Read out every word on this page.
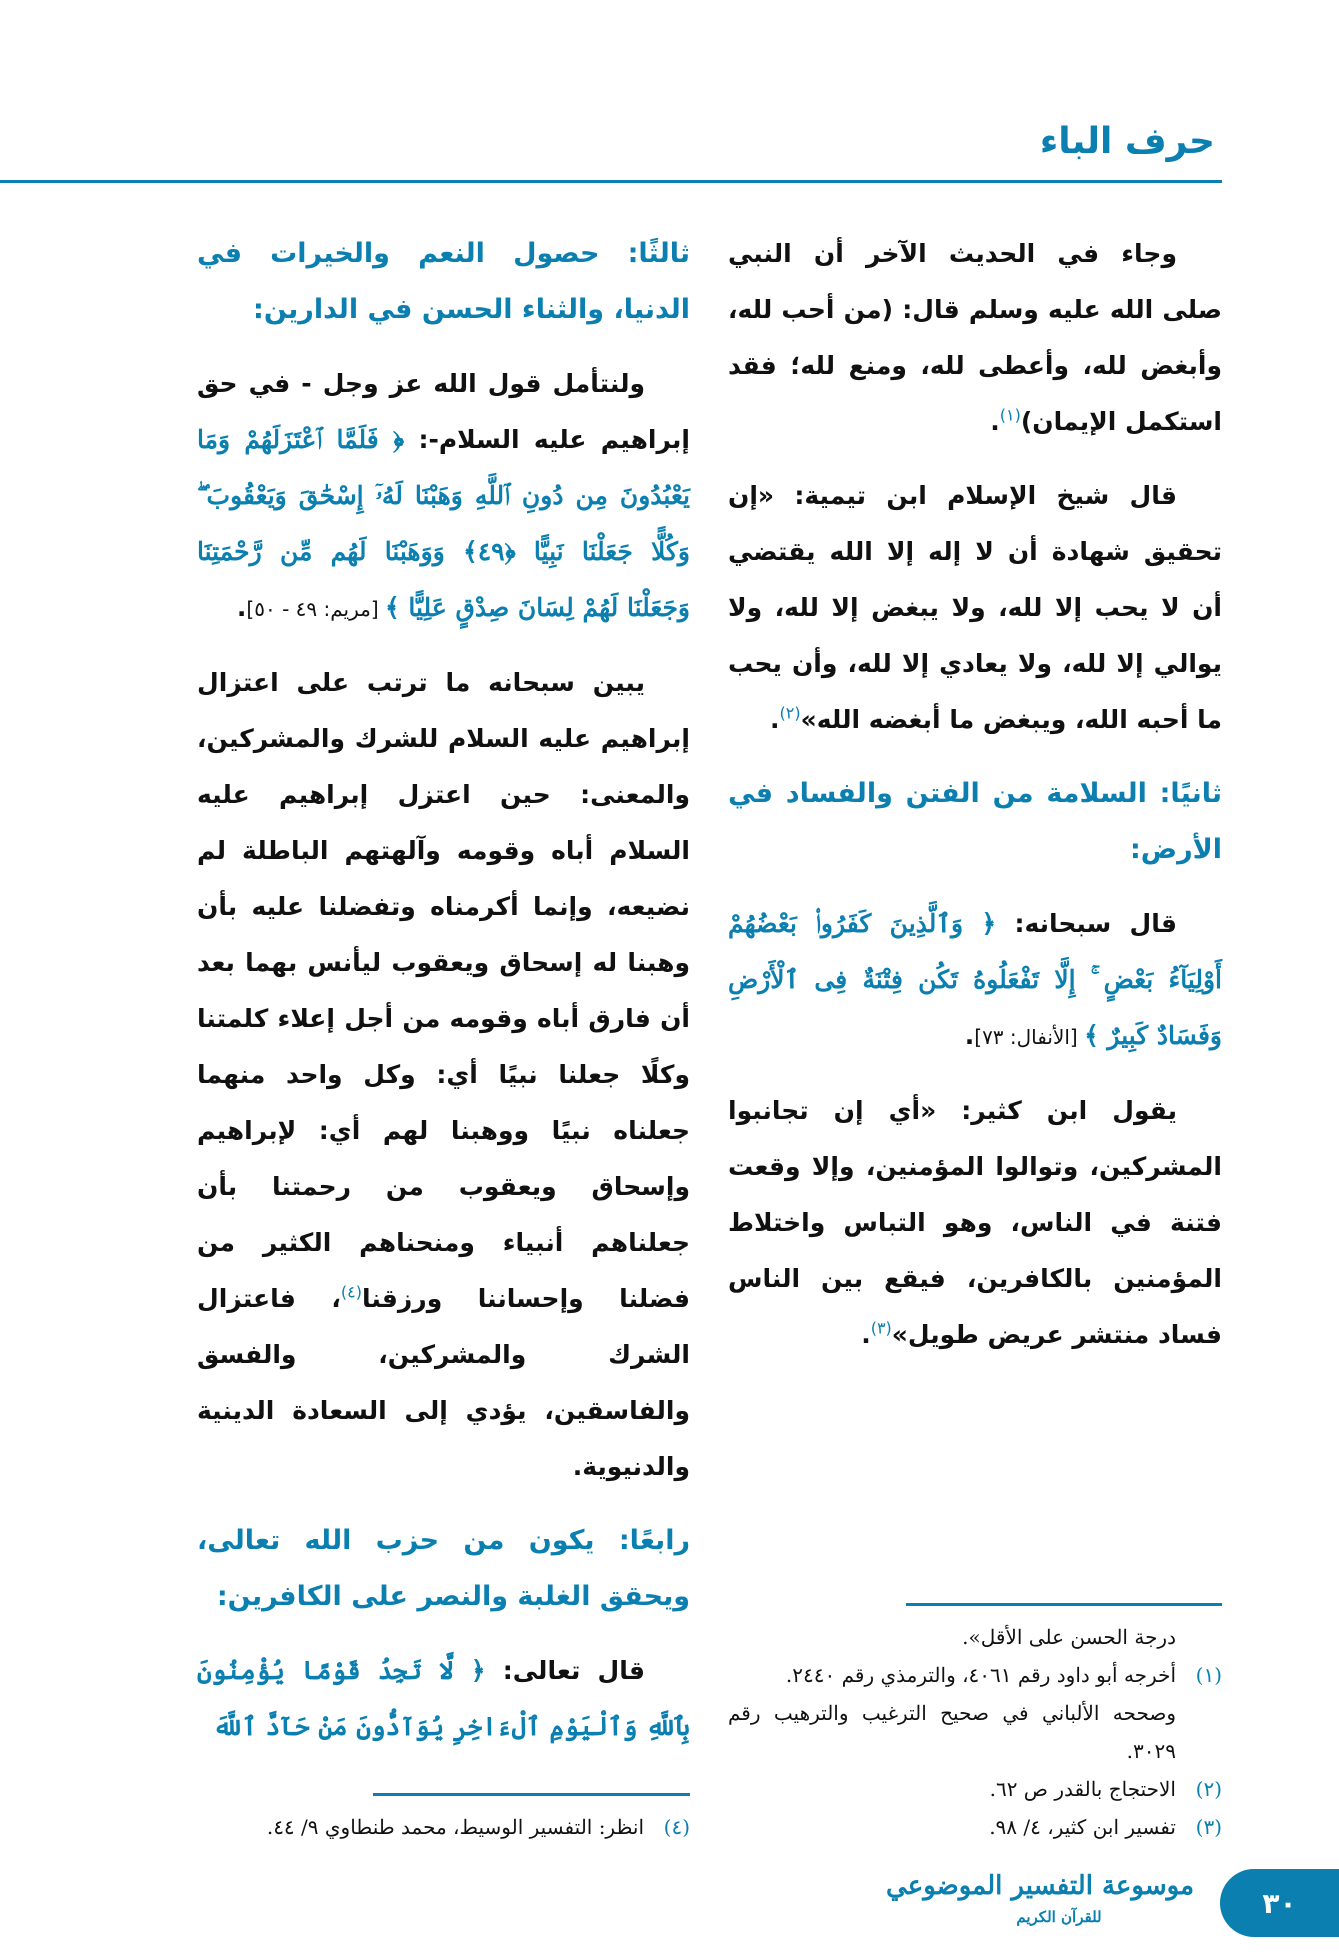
حرف الباء
ثالثًا: حصول النعم والخيرات في الدنيا، والثناء الحسن في الدارين:

ولنتأمل قول الله عز وجل - في حق إبراهيم عليه السلام-: ﴿ فَلَمَّا ٱعْتَزَلَهُمْ وَمَا يَعْبُدُونَ مِن دُونِ ٱللَّهِ وَهَبْنَا لَهُۥٓ إِسْحَٰقَ وَيَعْقُوبَ ۖ وَكُلًّا جَعَلْنَا نَبِيًّا ﴿٤٩﴾ وَوَهَبْنَا لَهُم مِّن رَّحْمَتِنَا وَجَعَلْنَا لَهُمْ لِسَانَ صِدْقٍ عَلِيًّا ﴾ [مريم: ٤٩ - ٥٠].

يبين سبحانه ما ترتب على اعتزال إبراهيم عليه السلام للشرك والمشركين، والمعنى: حين اعتزل إبراهيم عليه السلام أباه وقومه وآلهتهم الباطلة لم نضيعه، وإنما أكرمناه وتفضلنا عليه بأن وهبنا له إسحاق ويعقوب ليأنس بهما بعد أن فارق أباه وقومه من أجل إعلاء كلمتنا وكلًا جعلنا نبيًا أي: وكل واحد منهما جعلناه نبيًا ووهبنا لهم أي: لإبراهيم وإسحاق ويعقوب من رحمتنا بأن جعلناهم أنبياء ومنحناهم الكثير من فضلنا وإحساننا ورزقنا$^{(٤)}$، فاعتزال الشرك والمشركين، والفسق والفاسقين، يؤدي إلى السعادة الدينية والدنيوية.

رابعًا: يكون من حزب الله تعالى، ويحقق الغلبة والنصر على الكافرين:

قال تعالى: ﴿ لَّا تَجِدُ قَوْمًا يُؤْمِنُونَ بِٱللَّهِ وَٱلْيَوْمِ ٱلْءَاخِرِ يُوَآدُّونَ مَنْ حَآدَّ ٱللَّهَ

(٤)
انظر: التفسير الوسيط، محمد طنطاوي ٩/ ٤٤.

وجاء في الحديث الآخر أن النبي صلى الله عليه وسلم قال: (من أحب لله، وأبغض لله، وأعطى لله، ومنع لله؛ فقد استكمل الإيمان)$^{(١)}$.

قال شيخ الإسلام ابن تيمية: «إن تحقيق شهادة أن لا إله إلا الله يقتضي أن لا يحب إلا لله، ولا يبغض إلا لله، ولا يوالي إلا لله، ولا يعادي إلا لله، وأن يحب ما أحبه الله، ويبغض ما أبغضه الله»$^{(٢)}$.

ثانيًا: السلامة من الفتن والفساد في الأرض:

قال سبحانه: ﴿ وَٱلَّذِينَ كَفَرُوا۟ بَعْضُهُمْ أَوْلِيَآءُ بَعْضٍ ۚ إِلَّا تَفْعَلُوهُ تَكُن فِتْنَةٌ فِى ٱلْأَرْضِ وَفَسَادٌ كَبِيرٌ ﴾ [الأنفال: ٧٣].

يقول ابن كثير: «أي إن تجانبوا المشركين، وتوالوا المؤمنين، وإلا وقعت فتنة في الناس، وهو التباس واختلاط المؤمنين بالكافرين، فيقع بين الناس فساد منتشر عريض طويل»$^{(٣)}$.

درجة الحسن على الأقل».
(١)
أخرجه أبو داود رقم ٤٠٦١، والترمذي رقم ٢٤٤٠.
وصححه الألباني في صحيح الترغيب والترهيب رقم ٣٠٢٩.
(٢)
الاحتجاج بالقدر ص ٦٢.
(٣)
تفسير ابن كثير، ٤/ ٩٨.
موسوعة التفسير الموضوعي
للقرآن الكريم	٣٠
